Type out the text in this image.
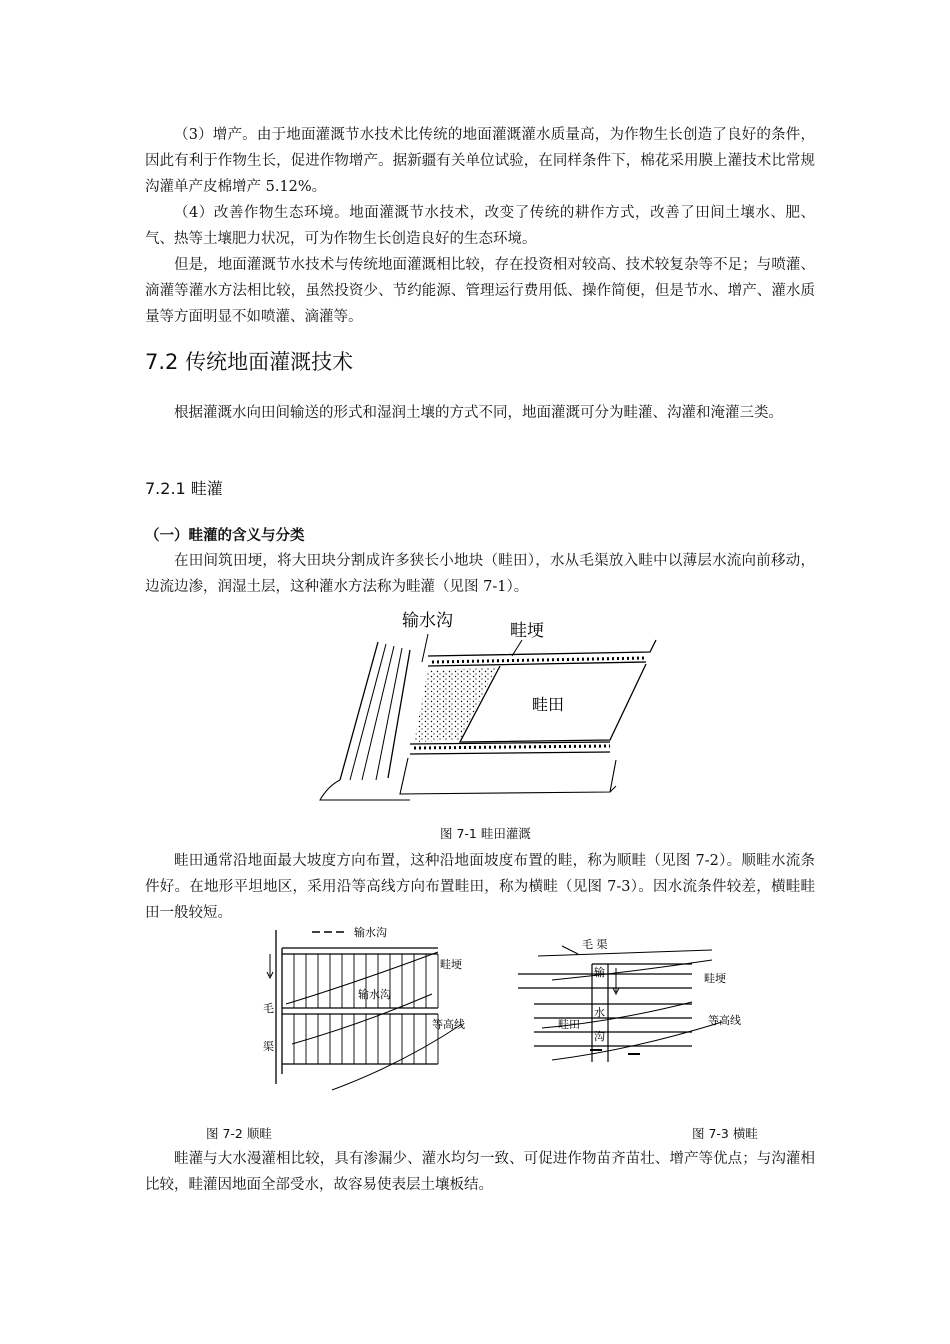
（3）增产。由于地面灌溉节水技术比传统的地面灌溉灌水质量高，为作物生长创造了良好的条件，因此有利于作物生长，促进作物增产。据新疆有关单位试验，在同样条件下，棉花采用膜上灌技术比常规沟灌单产皮棉增产 5.12%。

（4）改善作物生态环境。地面灌溉节水技术，改变了传统的耕作方式，改善了田间土壤水、肥、气、热等土壤肥力状况，可为作物生长创造良好的生态环境。

但是，地面灌溉节水技术与传统地面灌溉相比较，存在投资相对较高、技术较复杂等不足；与喷灌、滴灌等灌水方法相比较，虽然投资少、节约能源、管理运行费用低、操作简便，但是节水、增产、灌水质量等方面明显不如喷灌、滴灌等。

7.2 传统地面灌溉技术

根据灌溉水向田间输送的形式和湿润土壤的方式不同，地面灌溉可分为畦灌、沟灌和淹灌三类。

7.2.1 畦灌
（一）畦灌的含义与分类

在田间筑田埂，将大田块分割成许多狭长小地块（畦田），水从毛渠放入畦中以薄层水流向前移动，边流边渗，润湿土层，这种灌水方法称为畦灌（见图 7-1）。

输水沟	畦埂
畦田

图 7-1 畦田灌溉

畦田通常沿地面最大坡度方向布置，这种沿地面坡度布置的畦，称为顺畦（见图 7-2）。顺畦水流条件好。在地形平坦地区，采用沿等高线方向布置畦田，称为横畦（见图 7-3）。因水流条件较差，横畦畦田一般较短。

输水沟
毛
渠
输水沟
畦埂
等高线

图 7-2 顺畦

毛 渠
输
水
沟
畦田
畦埂
等高线

图 7-3 横畦

畦灌与大水漫灌相比较，具有渗漏少、灌水均匀一致、可促进作物苗齐苗壮、增产等优点；与沟灌相比较，畦灌因地面全部受水，故容易使表层土壤板结。
